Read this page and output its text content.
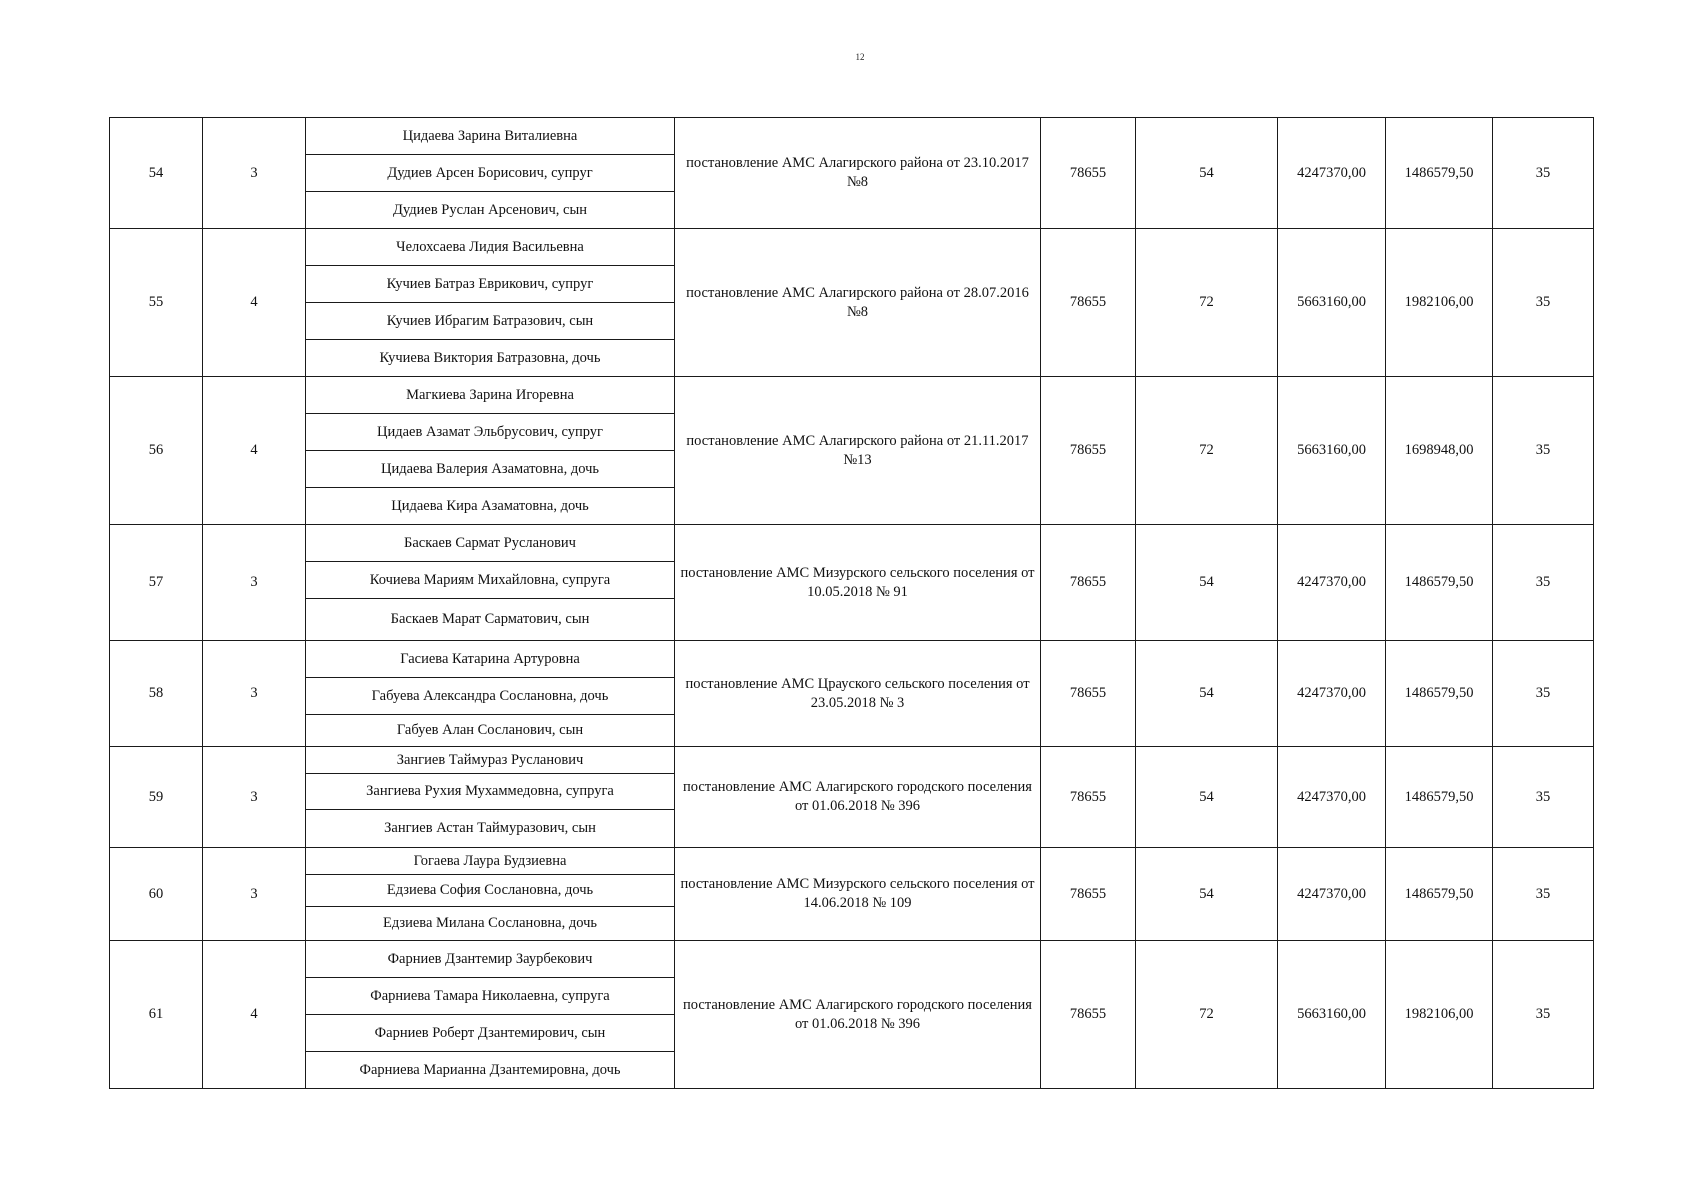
12
54	3	Цидаева Зарина Виталиевна	постановление АМС Алагирского района от 23.10.2017 №8	78655	54	4247370,00	1486579,50	35
		Дудиев Арсен Борисович, супруг						
		Дудиев Руслан Арсенович, сын						
55	4	Челохсаева Лидия Васильевна	постановление АМС Алагирского района от 28.07.2016 №8	78655	72	5663160,00	1982106,00	35
		Кучиев Батраз Еврикович, супруг						
		Кучиев Ибрагим Батразович, сын						
		Кучиева Виктория Батразовна, дочь						
56	4	Магкиева Зарина Игоревна	постановление АМС Алагирского района от 21.11.2017 №13	78655	72	5663160,00	1698948,00	35
		Цидаев Азамат Эльбрусович, супруг						
		Цидаева Валерия Азаматовна, дочь						
		Цидаева Кира Азаматовна, дочь						
57	3	Баскаев Сармат Русланович	постановление АМС Мизурского сельского поселения от 10.05.2018 № 91	78655	54	4247370,00	1486579,50	35
		Кочиева Мариям Михайловна, супруга						
		Баскаев Марат Сарматович, сын						
58	3	Гасиева Катарина Артуровна	постановление АМС Црауского сельского поселения от 23.05.2018 № 3	78655	54	4247370,00	1486579,50	35
		Габуева Александра Сослановна, дочь						
		Габуев Алан Сосланович, сын						
59	3	Зангиев Таймураз Русланович	постановление АМС Алагирского городского поселения от 01.06.2018 № 396	78655	54	4247370,00	1486579,50	35
		Зангиева Рухия Мухаммедовна, супруга						
		Зангиев Астан Таймуразович, сын						
60	3	Гогаева Лаура Будзиевна	постановление АМС Мизурского сельского поселения от 14.06.2018 № 109	78655	54	4247370,00	1486579,50	35
		Едзиева София Сослановна, дочь						
		Едзиева Милана Сослановна, дочь						
61	4	Фарниев Дзантемир Заурбекович	постановление АМС Алагирского городского поселения от 01.06.2018 № 396	78655	72	5663160,00	1982106,00	35
		Фарниева Тамара Николаевна, супруга						
		Фарниев Роберт Дзантемирович, сын						
		Фарниева Марианна Дзантемировна, дочь						
